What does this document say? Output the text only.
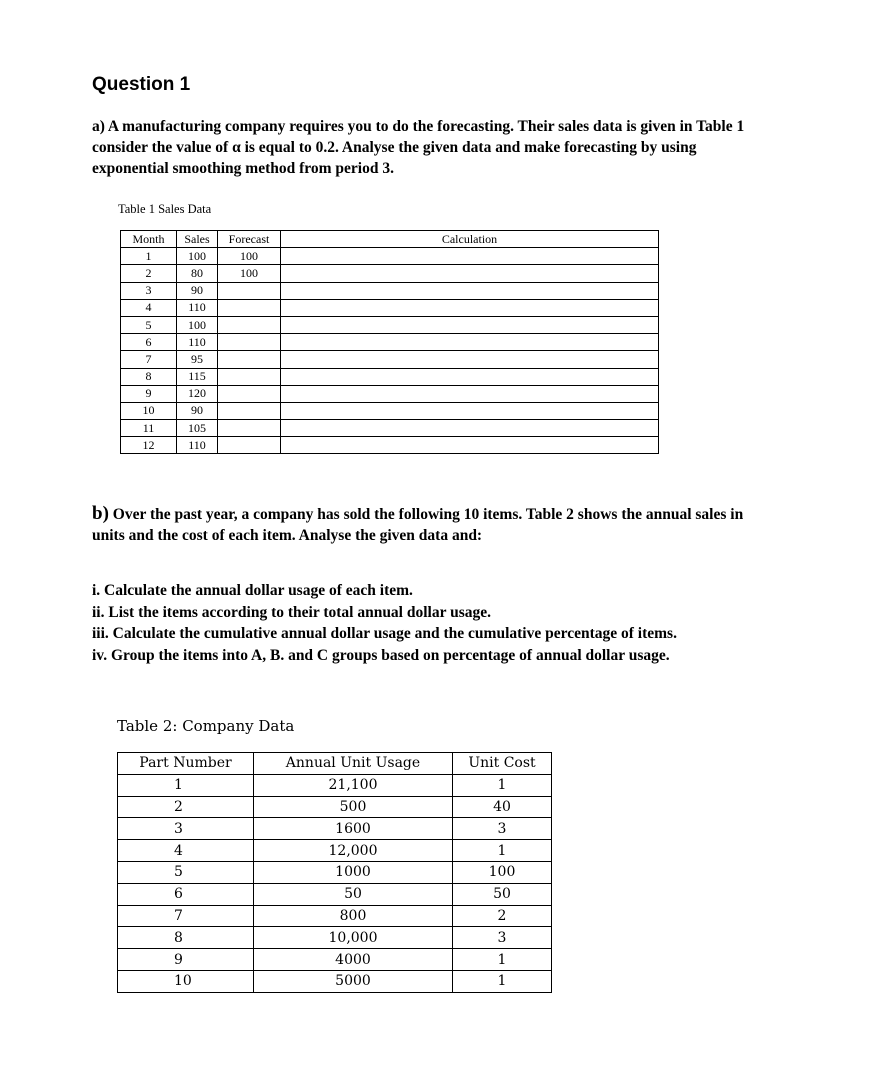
Question 1
a) A manufacturing company requires you to do the forecasting. Their sales data is given in Table 1 consider the value of α is equal to 0.2. Analyse the given data and make forecasting by using exponential smoothing method from period 3.
Table 1 Sales Data
Month	Sales	Forecast	Calculation
1	100	100	
2	80	100	
3	90		
4	110		
5	100		
6	110		
7	95		
8	115		
9	120		
10	90		
11	105		
12	110		
b) Over the past year, a company has sold the following 10 items. Table 2 shows the annual sales in units and the cost of each item. Analyse the given data and:
i. Calculate the annual dollar usage of each item.
ii. List the items according to their total annual dollar usage.
iii. Calculate the cumulative annual dollar usage and the cumulative percentage of items.
iv. Group the items into A, B. and C groups based on percentage of annual dollar usage.
Table 2: Company Data
Part Number	Annual Unit Usage	Unit Cost
1	21,100	1
2	500	40
3	1600	3
4	12,000	1
5	1000	100
6	50	50
7	800	2
8	10,000	3
9	4000	1
10	5000	1
